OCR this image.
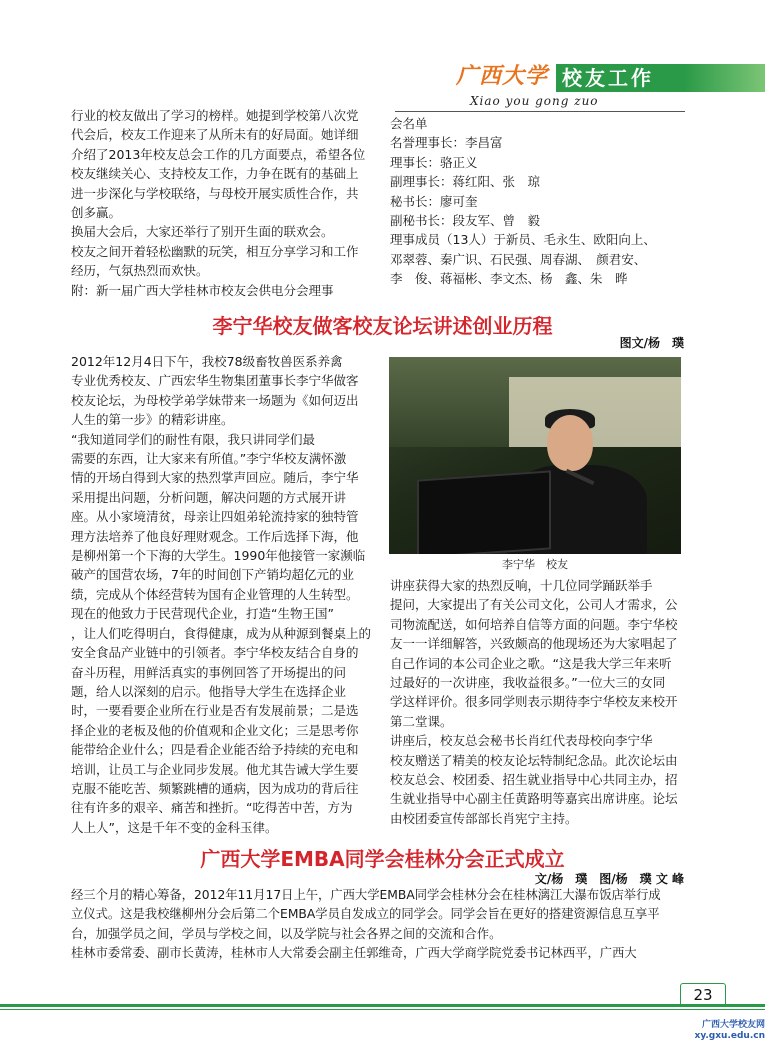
广西大学 校友工作
Xiao you gong zuo

行业的校友做出了学习的榜样。她提到学校第八次党
代会后，校友工作迎来了从所未有的好局面。她详细
介绍了2013年校友总会工作的几方面要点，希望各位
校友继续关心、支持校友工作，力争在既有的基础上
进一步深化与学校联络，与母校开展实质性合作，共
创多赢。
换届大会后，大家还举行了别开生面的联欢会。
校友之间开着轻松幽默的玩笑，相互分享学习和工作
经历，气氛热烈而欢快。
附：新一届广西大学桂林市校友会供电分会理事

会名单
名誉理事长：李昌富
理事长：骆正义
副理事长：蒋红阳、张　琼
秘书长：廖可奎
副秘书长：段友军、曾　毅
理事成员（13人）于新员、毛永生、欧阳向上、
邓翠蓉、秦广识、石民强、周春湖、　颜君安、
李　俊、蒋福彬、李文杰、杨　鑫、朱　晔

李宁华校友做客校友论坛讲述创业历程
图文/杨　璞

2012年12月4日下午，我校78级畜牧兽医系养禽
专业优秀校友、广西宏华生物集团董事长李宁华做客
校友论坛，为母校学弟学妹带来一场题为《如何迈出
人生的第一步》的精彩讲座。
“我知道同学们的耐性有限，我只讲同学们最
需要的东西，让大家来有所值。”李宁华校友满怀激
情的开场白得到大家的热烈掌声回应。随后，李宁华
采用提出问题，分析问题，解决问题的方式展开讲
座。从小家境清贫，母亲让四姐弟轮流持家的独特管
理方法培养了他良好理财观念。工作后选择下海，他
是柳州第一个下海的大学生。1990年他接管一家濒临
破产的国营农场，7年的时间创下产销均超亿元的业
绩，完成从个体经营转为国有企业管理的人生转型。
现在的他致力于民营现代企业，打造“生物王国”
，让人们吃得明白，食得健康，成为从种源到餐桌上的
安全食品产业链中的引领者。李宁华校友结合自身的
奋斗历程，用鲜活真实的事例回答了开场提出的问
题，给人以深刻的启示。他指导大学生在选择企业
时，一要看要企业所在行业是否有发展前景；二是选
择企业的老板及他的价值观和企业文化；三是思考你
能带给企业什么；四是看企业能否给予持续的充电和
培训，让员工与企业同步发展。他尤其告诫大学生要
克服不能吃苦、频繁跳槽的通病，因为成功的背后往
往有许多的艰辛、痛苦和挫折。“吃得苦中苦，方为
人上人”，这是千年不变的金科玉律。

李宁华　校友

讲座获得大家的热烈反响，十几位同学踊跃举手
提问，大家提出了有关公司文化，公司人才需求，公
司物流配送，如何培养自信等方面的问题。李宁华校
友一一详细解答，兴致颇高的他现场还为大家唱起了
自己作词的本公司企业之歌。“这是我大学三年来听
过最好的一次讲座，我收益很多。”一位大三的女同
学这样评价。很多同学则表示期待李宁华校友来校开
第二堂课。
讲座后，校友总会秘书长肖红代表母校向李宁华
校友赠送了精美的校友论坛特制纪念品。此次论坛由
校友总会、校团委、招生就业指导中心共同主办，招
生就业指导中心副主任黄路明等嘉宾出席讲座。论坛
由校团委宣传部部长肖宪宁主持。

广西大学EMBA同学会桂林分会正式成立
文/杨　璞　图/杨　璞 文 峰

经三个月的精心筹备，2012年11月17日上午，广西大学EMBA同学会桂林分会在桂林漓江大瀑布饭店举行成
立仪式。这是我校继柳州分会后第二个EMBA学员自发成立的同学会。同学会旨在更好的搭建资源信息互享平
台，加强学员之间，学员与学校之间，以及学院与社会各界之间的交流和合作。
桂林市委常委、副市长黄涛，桂林市人大常委会副主任郭维奇，广西大学商学院党委书记林西平，广西大

23
广西大学校友网
xy.gxu.edu.cn
